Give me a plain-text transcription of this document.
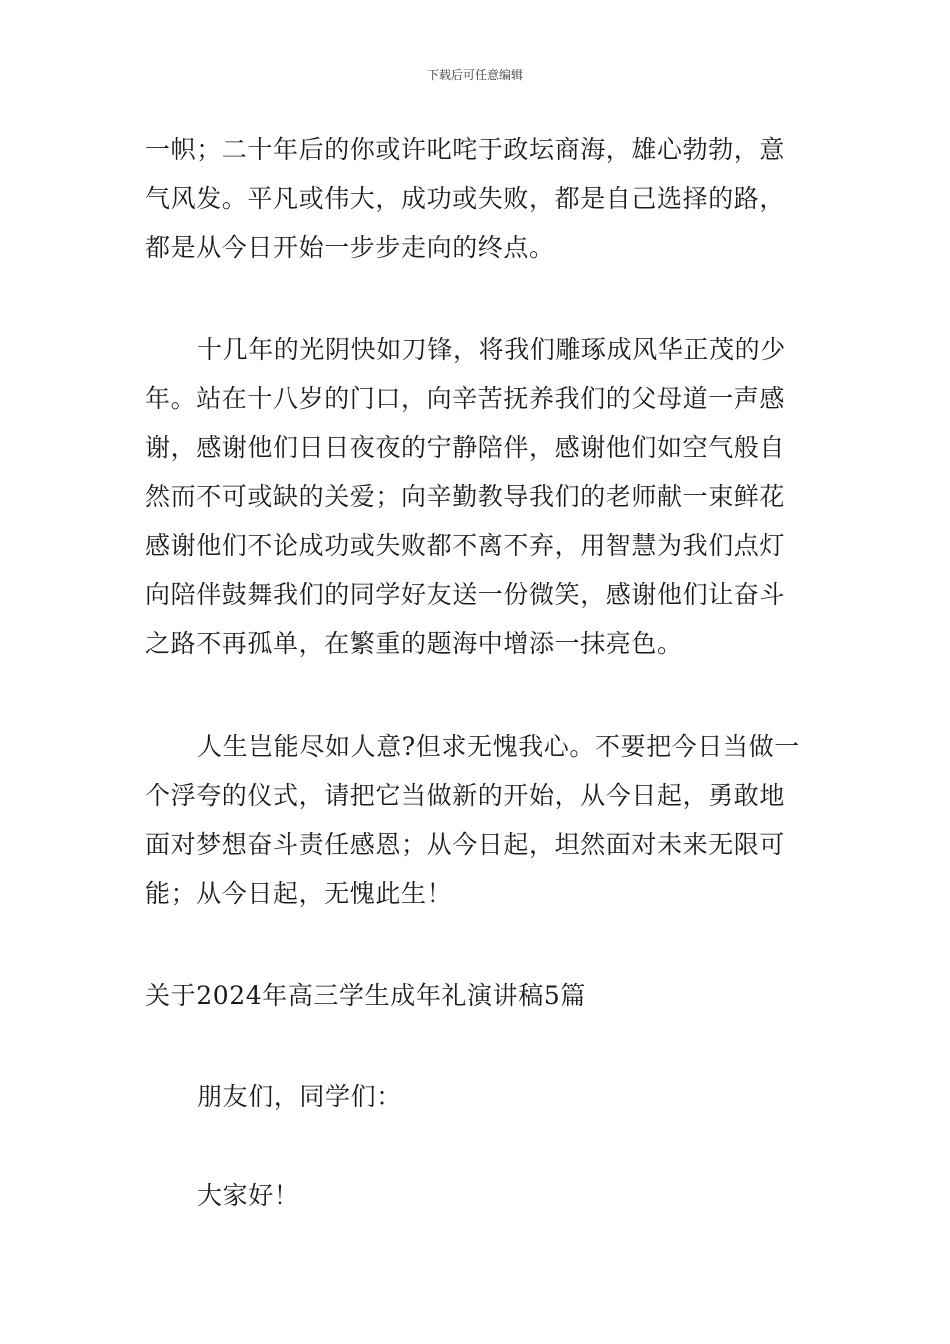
下载后可任意编辑
一帜；二十年后的你或许叱咤于政坛商海，雄心勃勃，意
气风发。平凡或伟大，成功或失败，都是自己选择的路，
都是从今日开始一步步走向的终点。
十几年的光阴快如刀锋，将我们雕琢成风华正茂的少
年。站在十八岁的门口，向辛苦抚养我们的父母道一声感
谢，感谢他们日日夜夜的宁静陪伴，感谢他们如空气般自
然而不可或缺的关爱；向辛勤教导我们的老师献一束鲜花
感谢他们不论成功或失败都不离不弃，用智慧为我们点灯
向陪伴鼓舞我们的同学好友送一份微笑，感谢他们让奋斗
之路不再孤单，在繁重的题海中增添一抹亮色。
人生岂能尽如人意?但求无愧我心。不要把今日当做一
个浮夸的仪式，请把它当做新的开始，从今日起，勇敢地
面对梦想奋斗责任感恩；从今日起，坦然面对未来无限可
能；从今日起，无愧此生！
关于2024年高三学生成年礼演讲稿5篇
朋友们，同学们：
大家好！
